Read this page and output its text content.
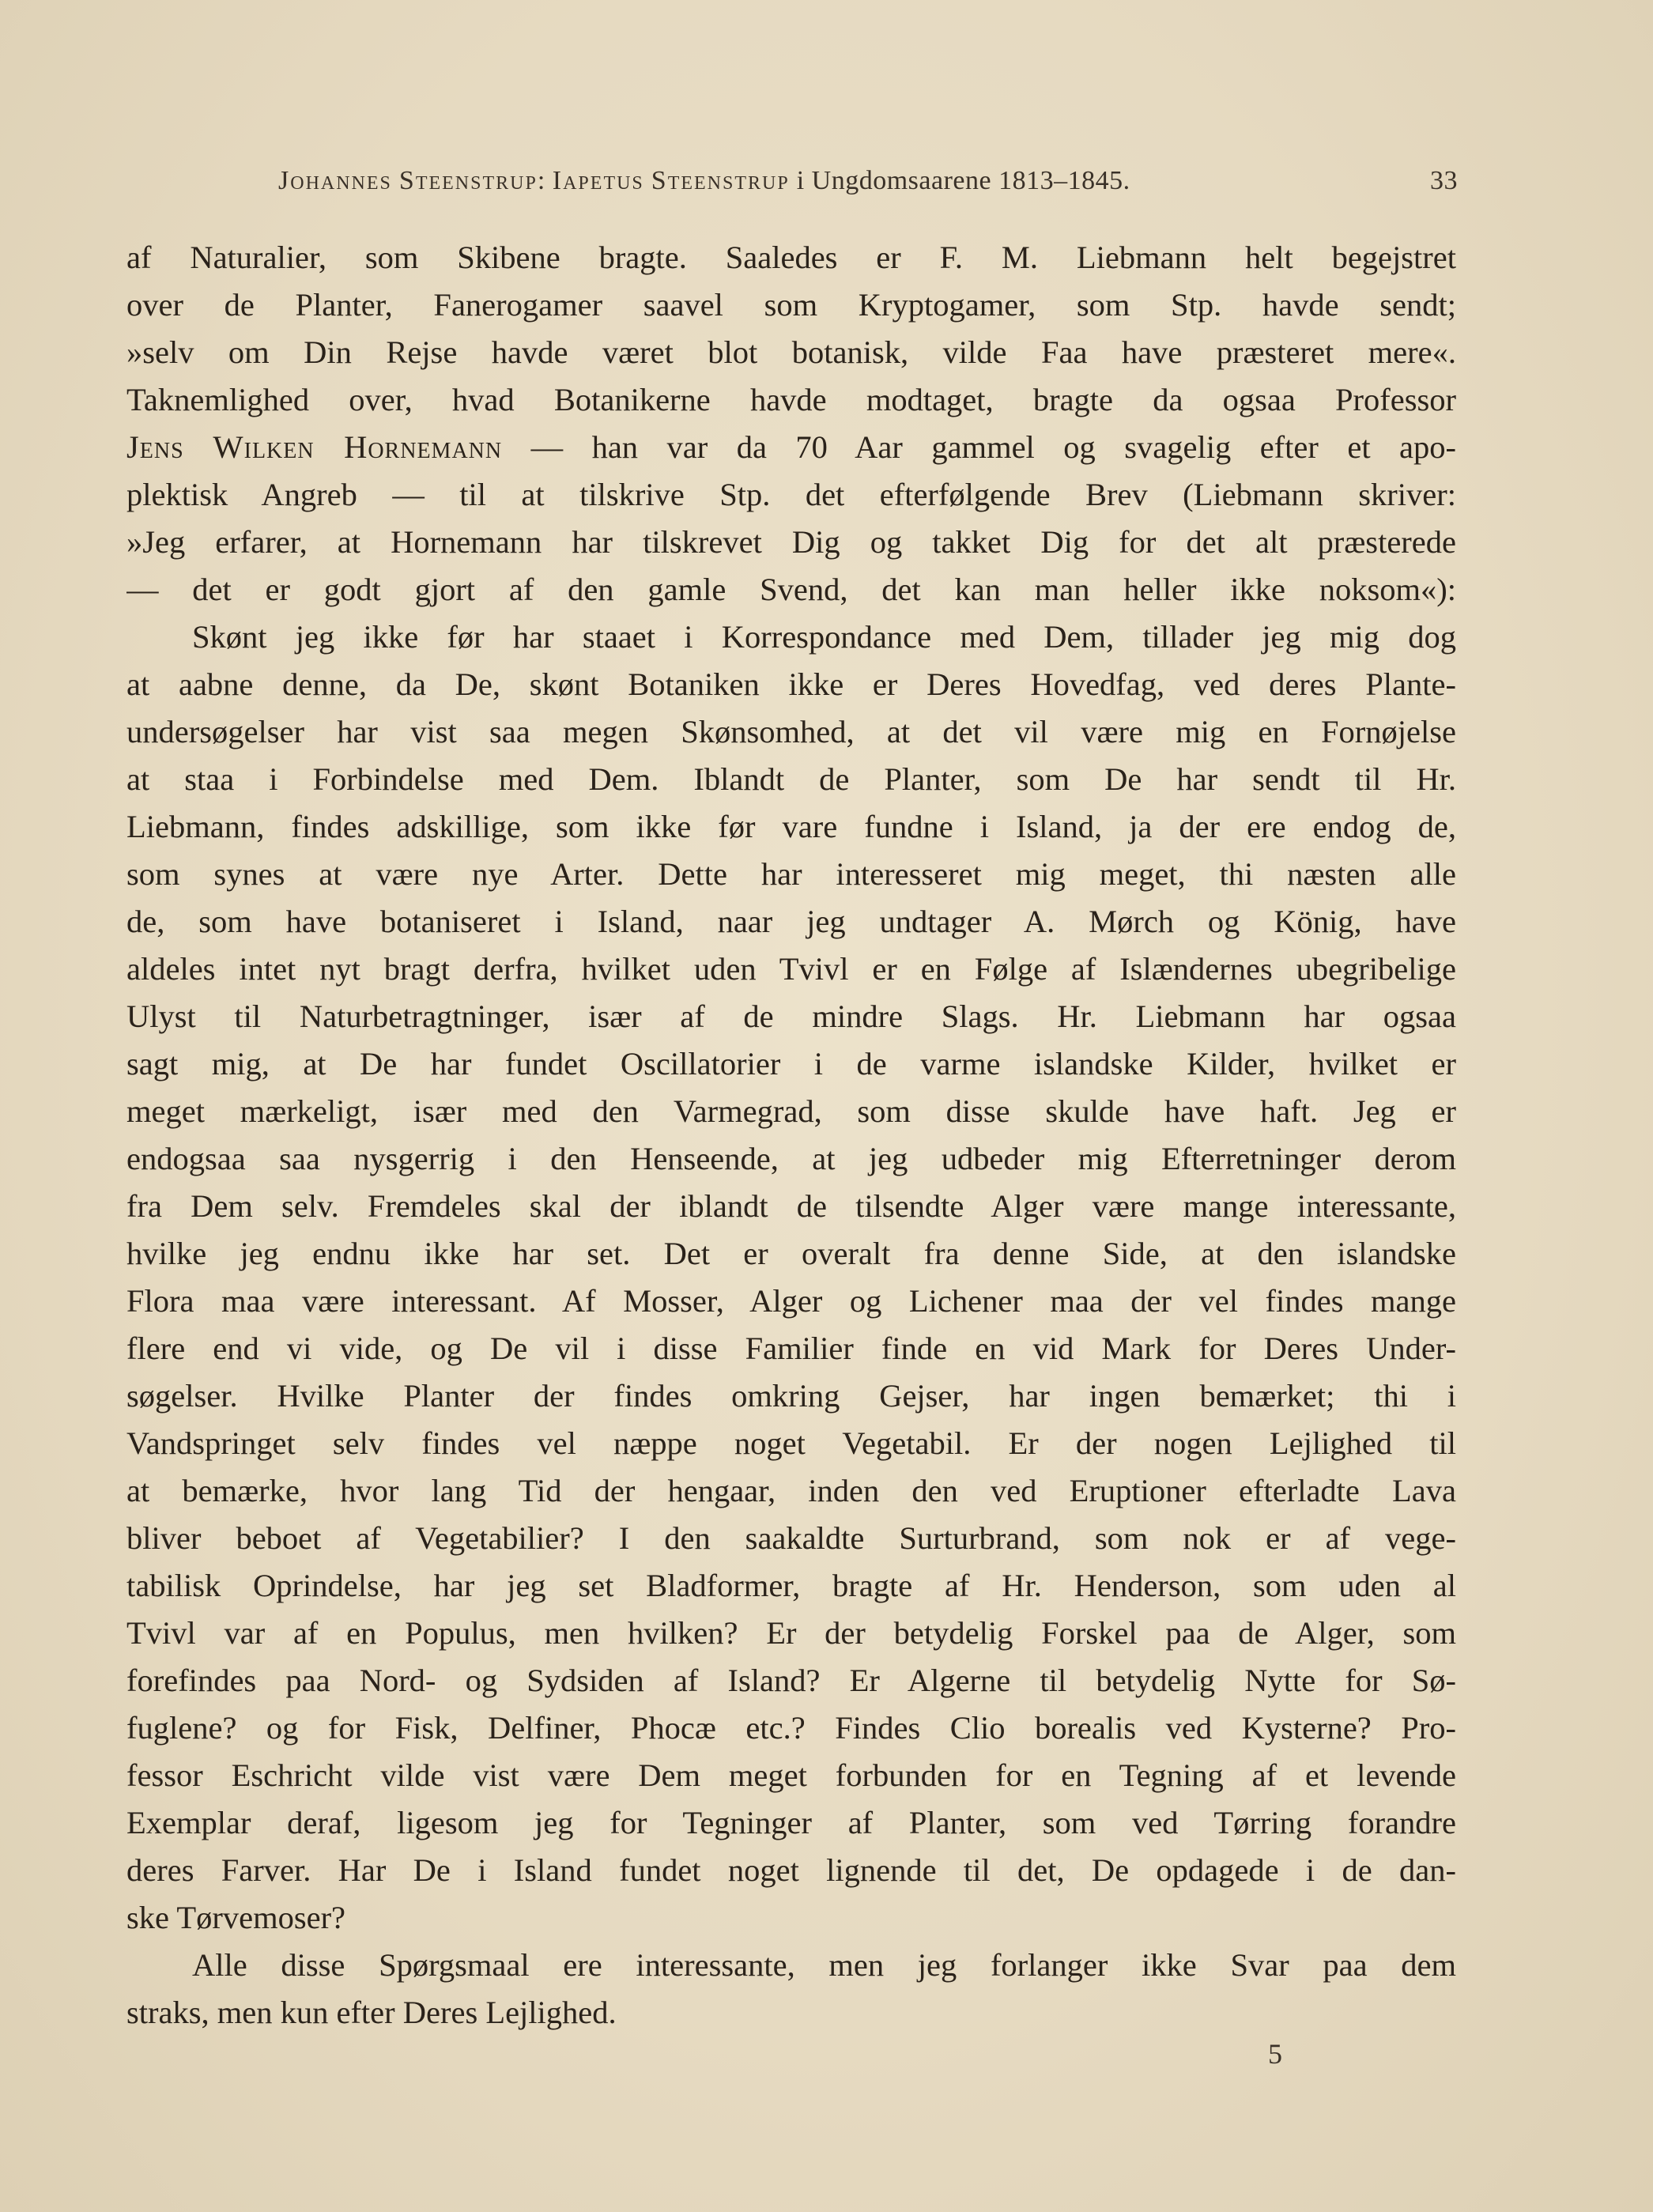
Johannes Steenstrup: Iapetus Steenstrup i Ungdomsaarene 1813–1845.	33
af Naturalier, som Skibene bragte. Saaledes er F. M. Liebmann helt begejstret
over de Planter, Fanerogamer saavel som Kryptogamer, som Stp. havde sendt;
»selv om Din Rejse havde været blot botanisk, vilde Faa have præsteret mere«.
Taknemlighed over, hvad Botanikerne havde modtaget, bragte da ogsaa Professor
Jens Wilken Hornemann — han var da 70 Aar gammel og svagelig efter et apo-
plektisk Angreb — til at tilskrive Stp. det efterfølgende Brev (Liebmann skriver:
»Jeg erfarer, at Hornemann har tilskrevet Dig og takket Dig for det alt præsterede
— det er godt gjort af den gamle Svend, det kan man heller ikke noksom«):
Skønt jeg ikke før har staaet i Korrespondance med Dem, tillader jeg mig dog
at aabne denne, da De, skønt Botaniken ikke er Deres Hovedfag, ved deres Plante-
undersøgelser har vist saa megen Skønsomhed, at det vil være mig en Fornøjelse
at staa i Forbindelse med Dem. Iblandt de Planter, som De har sendt til Hr.
Liebmann, findes adskillige, som ikke før vare fundne i Island, ja der ere endog de,
som synes at være nye Arter. Dette har interesseret mig meget, thi næsten alle
de, som have botaniseret i Island, naar jeg undtager A. Mørch og König, have
aldeles intet nyt bragt derfra, hvilket uden Tvivl er en Følge af Islændernes ubegribelige
Ulyst til Naturbetragtninger, især af de mindre Slags. Hr. Liebmann har ogsaa
sagt mig, at De har fundet Oscillatorier i de varme islandske Kilder, hvilket er
meget mærkeligt, især med den Varmegrad, som disse skulde have haft. Jeg er
endogsaa saa nysgerrig i den Henseende, at jeg udbeder mig Efterretninger derom
fra Dem selv. Fremdeles skal der iblandt de tilsendte Alger være mange interessante,
hvilke jeg endnu ikke har set. Det er overalt fra denne Side, at den islandske
Flora maa være interessant. Af Mosser, Alger og Lichener maa der vel findes mange
flere end vi vide, og De vil i disse Familier finde en vid Mark for Deres Under-
søgelser. Hvilke Planter der findes omkring Gejser, har ingen bemærket; thi i
Vandspringet selv findes vel næppe noget Vegetabil. Er der nogen Lejlighed til
at bemærke, hvor lang Tid der hengaar, inden den ved Eruptioner efterladte Lava
bliver beboet af Vegetabilier? I den saakaldte Surturbrand, som nok er af vege-
tabilisk Oprindelse, har jeg set Bladformer, bragte af Hr. Henderson, som uden al
Tvivl var af en Populus, men hvilken? Er der betydelig Forskel paa de Alger, som
forefindes paa Nord- og Sydsiden af Island? Er Algerne til betydelig Nytte for Sø-
fuglene? og for Fisk, Delfiner, Phocæ etc.? Findes Clio borealis ved Kysterne? Pro-
fessor Eschricht vilde vist være Dem meget forbunden for en Tegning af et levende
Exemplar deraf, ligesom jeg for Tegninger af Planter, som ved Tørring forandre
deres Farver. Har De i Island fundet noget lignende til det, De opdagede i de dan-
ske Tørvemoser?
Alle disse Spørgsmaal ere interessante, men jeg forlanger ikke Svar paa dem
straks, men kun efter Deres Lejlighed.
5
